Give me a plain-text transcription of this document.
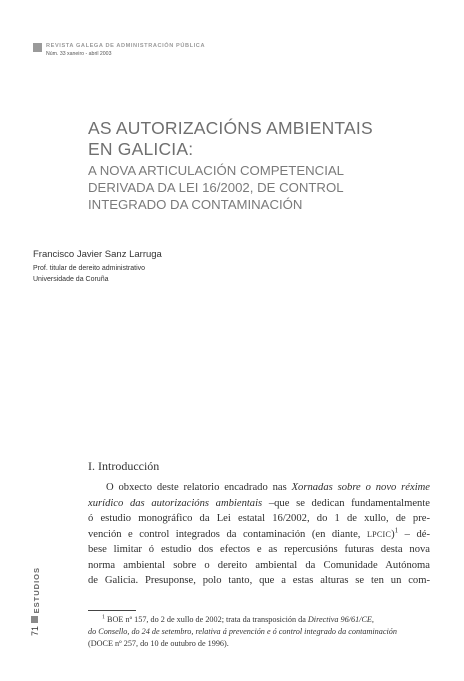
REVISTA GALEGA DE ADMINISTRACIÓN PÚBLICA
Núm. 33 xaneiro - abril 2003
AS AUTORIZACIÓNS AMBIENTAIS
EN GALICIA:
A NOVA ARTICULACIÓN COMPETENCIAL
DERIVADA DA LEI 16/2002, DE CONTROL
INTEGRADO DA CONTAMINACIÓN
Francisco Javier Sanz Larruga
Prof. titular de dereito administrativo
Universidade da Coruña
I. Introducción
O obxecto deste relatorio encadrado nas Xornadas sobre o novo réxime
xurídico das autorizacións ambientais –que se dedican fundamentalmente
ó estudio monográfico da Lei estatal 16/2002, do 1 de xullo, de pre-
vención e control integrados da contaminación (en diante, LPCIC)$^1$ – dé-
bese limitar ó estudio dos efectos e as repercusións futuras desta nova
norma ambiental sobre o dereito ambiental da Comunidade Autónoma
de Galicia. Presuponse, polo tanto, que a estas alturas se ten un com-
$^1$ BOE nº 157, do 2 de xullo de 2002; trata da transposición da Directiva 96/61/CE,
do Consello, do 24 de setembro, relativa á prevención e ó control integrado da contaminación
(DOCE nº 257, do 10 de outubro de 1996).
ESTUDIOS
71
